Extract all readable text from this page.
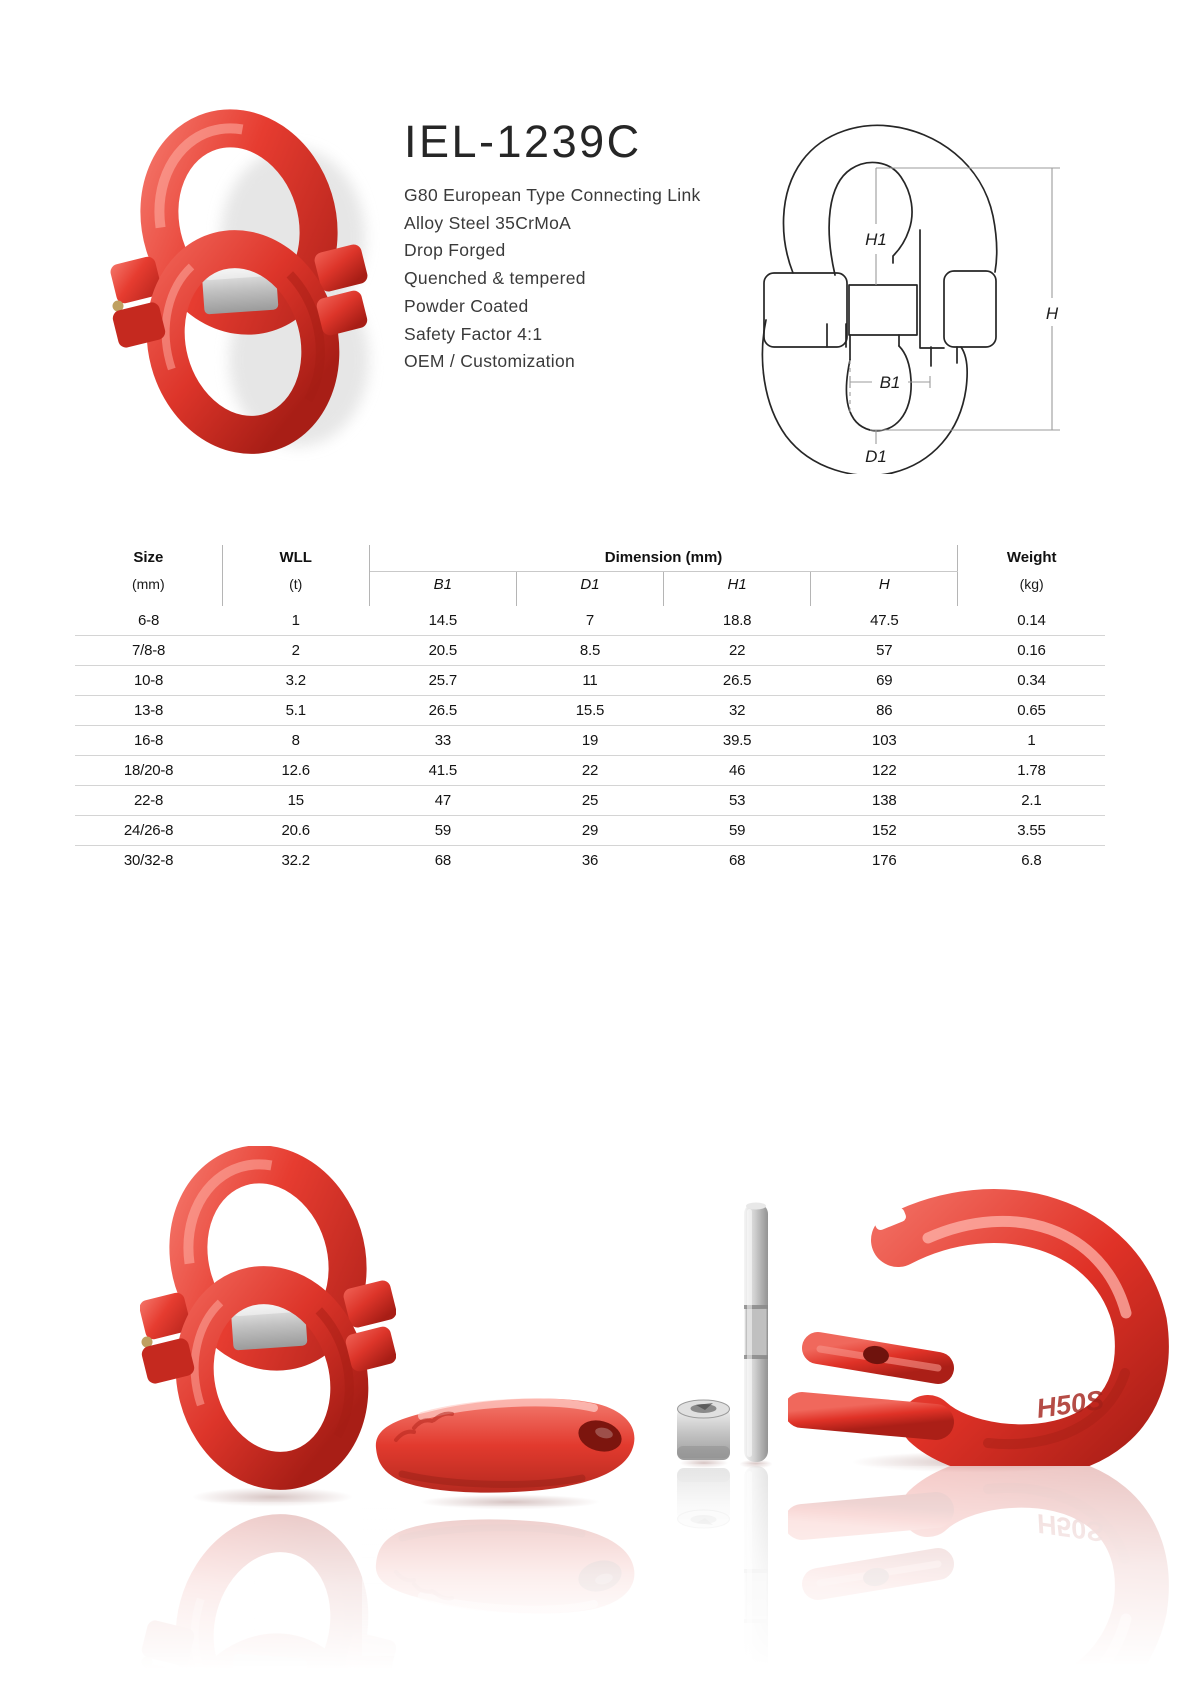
IEL-1239C
G80 European Type Connecting Link
Alloy Steel 35CrMoA
Drop Forged
Quenched & tempered
Powder Coated
Safety Factor 4:1
OEM / Customization
H1
B1
D1
H
Size	WLL	Dimension (mm)				Weight
(mm)	(t)	B1	D1	H1	H	(kg)
6-8	1	14.5	7	18.8	47.5	0.14
7/8-8	2	20.5	8.5	22	57	0.16
10-8	3.2	25.7	11	26.5	69	0.34
13-8	5.1	26.5	15.5	32	86	0.65
16-8	8	33	19	39.5	103	1
18/20-8	12.6	41.5	22	46	122	1.78
22-8	15	47	25	53	138	2.1
24/26-8	20.6	59	29	59	152	3.55
30/32-8	32.2	68	36	68	176	6.8
